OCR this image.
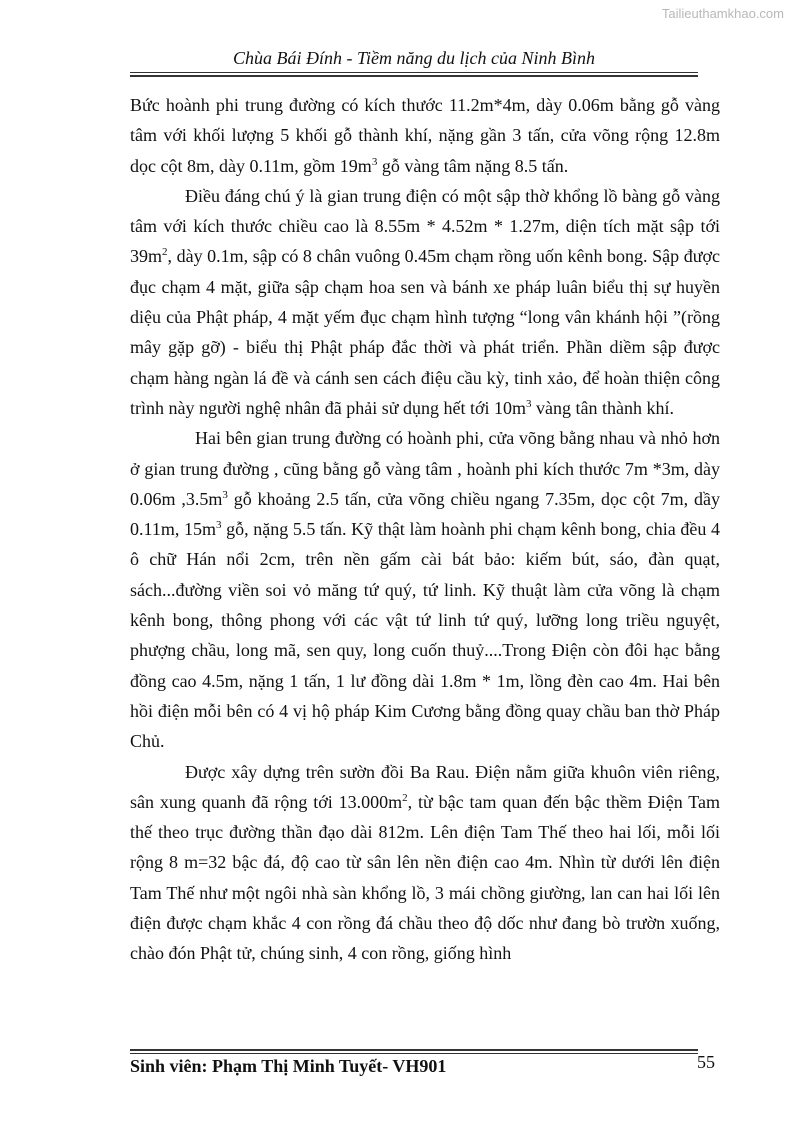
Tailieuthamkhao.com
Chùa Bái Đính - Tiềm năng du lịch của Ninh Bình

Bức hoành phi trung đường có kích thước 11.2m*4m, dày 0.06m bằng gỗ vàng tâm với khối lượng 5 khối gỗ thành khí, nặng gần 3 tấn, cửa võng rộng 12.8m dọc cột 8m, dày 0.11m, gồm $19m^3$ gỗ vàng tâm nặng 8.5 tấn.

Điều đáng chú ý là gian trung điện có một sập thờ khổng lồ bàng gỗ vàng tâm với kích thước chiều cao là 8.55m * 4.52m * 1.27m, diện tích mặt sập tới $39m^2$, dày 0.1m, sập có 8 chân vuông 0.45m chạm rồng uốn kênh bong. Sập được đục chạm 4 mặt, giữa sập chạm hoa sen và bánh xe pháp luân biểu thị sự huyền diệu của Phật pháp, 4 mặt yếm đục chạm hình tượng “long vân khánh hội ”(rồng mây gặp gỡ) - biểu thị Phật pháp đắc thời và phát triển. Phần diềm sập được chạm hàng ngàn lá đề và cánh sen cách điệu cầu kỳ, tinh xảo, để hoàn thiện công trình này người nghệ nhân đã phải sử dụng hết tới $10m^3$ vàng tân thành khí.

Hai bên gian trung đường có hoành phi, cửa võng bằng nhau và nhỏ hơn ở gian trung đường , cũng bằng gỗ vàng tâm , hoành phi kích thước 7m *3m, dày 0.06m $,3.5m^3$ gỗ khoảng 2.5 tấn, cửa võng chiều ngang 7.35m, dọc cột 7m, dầy 0.11m, $15m^3$ gỗ, nặng 5.5 tấn. Kỹ thật làm hoành phi chạm kênh bong, chia đều 4 ô chữ Hán nổi 2cm, trên nền gấm cài bát bảo: kiếm bút, sáo, đàn quạt, sách...đường viền soi vỏ măng tứ quý, tứ linh. Kỹ thuật làm cửa võng là chạm kênh bong, thông phong với các vật tứ linh tứ quý, lưỡng long triều nguyệt, phượng chầu, long mã, sen quy, long cuốn thuỷ....Trong Điện còn đôi hạc bằng đồng cao 4.5m, nặng 1 tấn, 1 lư đồng dài 1.8m * 1m, lồng đèn cao 4m. Hai bên hồi điện mỗi bên có 4 vị hộ pháp Kim Cương bằng đồng quay chầu ban thờ Pháp Chủ.

Được xây dựng trên sườn đồi Ba Rau. Điện nằm giữa khuôn viên riêng, sân xung quanh đã rộng tới $13.000m^2$, từ bậc tam quan đến bậc thềm Điện Tam thế theo trục đường thần đạo dài 812m. Lên điện Tam Thế theo hai lối, mỗi lối rộng 8 m=32 bậc đá, độ cao từ sân lên nền điện cao 4m. Nhìn từ dưới lên điện Tam Thế như một ngôi nhà sàn khổng lồ, 3 mái chồng giường, lan can hai lối lên điện được chạm khắc 4 con rồng đá chầu theo độ dốc như đang bò trườn xuống, chào đón Phật tử, chúng sinh, 4 con rồng, giống hình

Sinh viên: Phạm Thị Minh Tuyết- VH901	55
